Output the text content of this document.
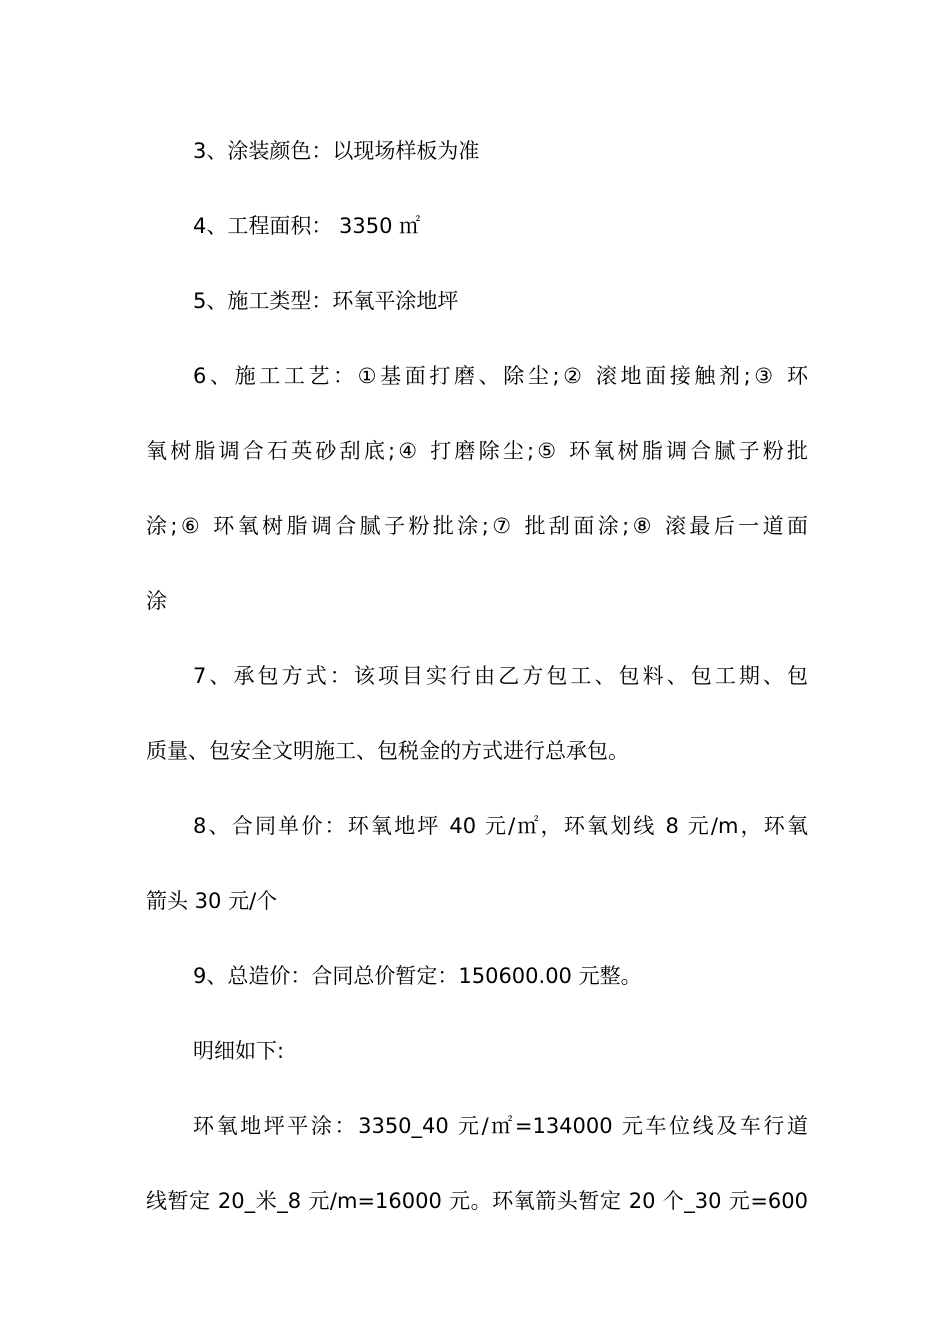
3、涂装颜色：以现场样板为准
4、工程面积： 3350 ㎡
5、施工类型：环氧平涂地坪
6、施工工艺：①基面打磨、除尘;② 滚地面接触剂;③ 环
氧树脂调合石英砂刮底;④ 打磨除尘;⑤ 环氧树脂调合腻子粉批
涂;⑥ 环氧树脂调合腻子粉批涂;⑦ 批刮面涂;⑧ 滚最后一道面
涂
7、承包方式：该项目实行由乙方包工、包料、包工期、包
质量、包安全文明施工、包税金的方式进行总承包。
8、合同单价：环氧地坪 40 元/㎡，环氧划线 8 元/m，环氧
箭头 30 元/个
9、总造价：合同总价暂定：150600.00 元整。
明细如下:
环氧地坪平涂：3350_40 元/㎡=134000 元车位线及车行道
线暂定 20_米_8 元/m=16000 元。环氧箭头暂定 20 个_30 元=600
